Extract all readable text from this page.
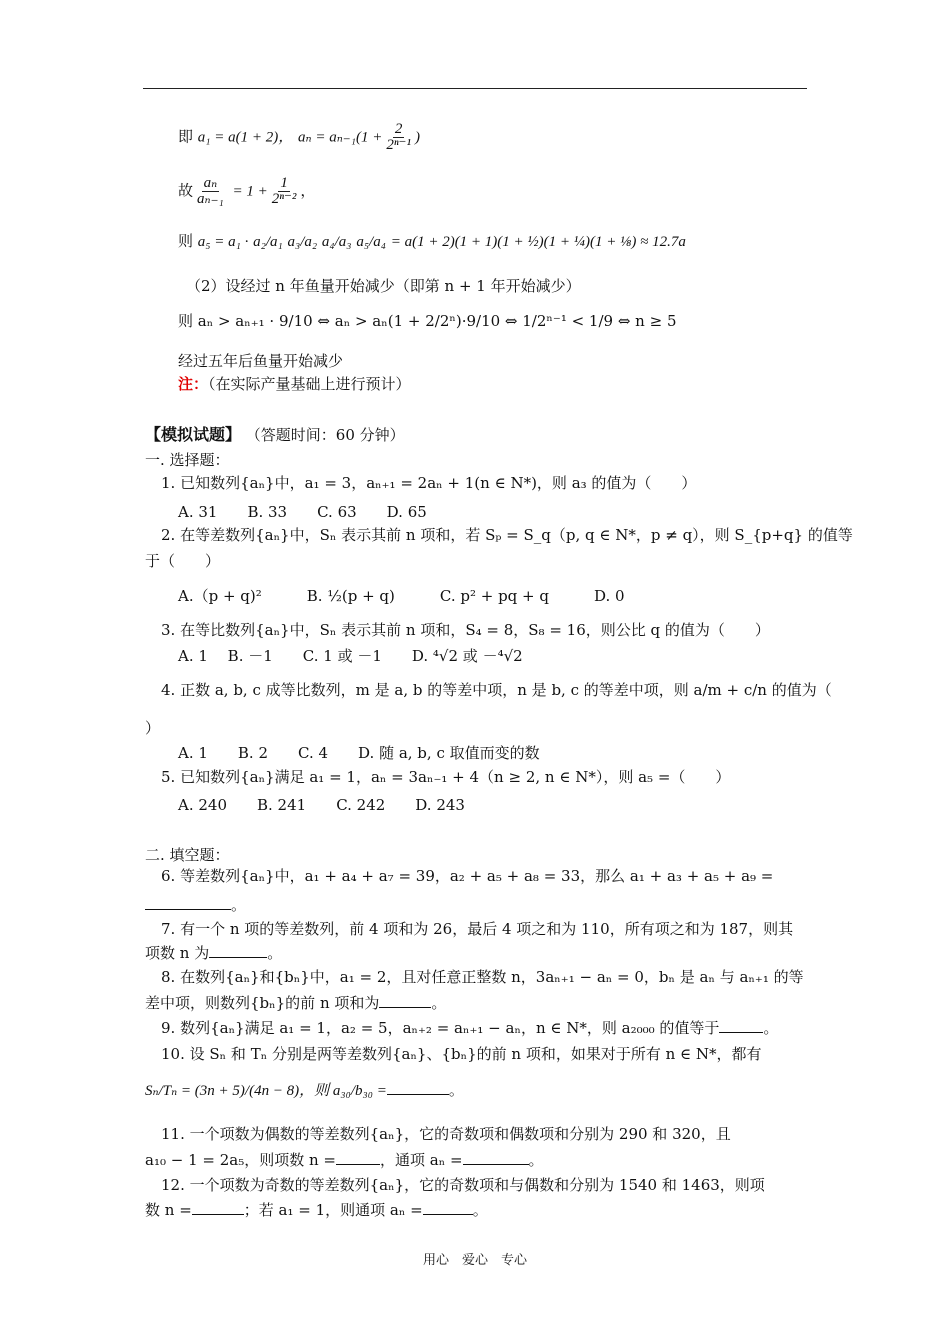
即 a₁ = a(1 + 2)， $a_n = a_{n-1}(1 + \frac{2}{\text{2ⁿ⁻¹}}$ )
故 $\frac{\text{aₙ}}{\text{aₙ₋₁}} = 1 + \frac{1}{\text{2ⁿ⁻²}}$ ，
则 a₅ = a₁ · a₂/a₁ a₃/a₂ a₄/a₃ a₅/a₄ = a(1 + 2)(1 + 1)(1 + ½)(1 + ¼)(1 + ⅛) ≈ 12.7a
（2）设经过 n 年鱼量开始减少（即第 n + 1 年开始减少）
则 aₙ > aₙ₊₁ · 9/10 ⇔ aₙ > aₙ(1 + 2/2ⁿ)·9/10 ⇔ 1/2ⁿ⁻¹ < 1/9 ⇔ n ≥ 5
经过五年后鱼量开始减少
注：（在实际产量基础上进行预计）
【模拟试题】 （答题时间：60 分钟）
一. 选择题：
1. 已知数列{aₙ}中，a₁ = 3，aₙ₊₁ = 2aₙ + 1(n ∈ N*)，则 a₃ 的值为（　　）
A. 31　　B. 33　　C. 63　　D. 65
2. 在等差数列{aₙ}中，Sₙ 表示其前 n 项和，若 Sₚ = S_q（p, q ∈ N*，p ≠ q），则 S_{p+q} 的值等
于（　　）
A.（p + q)²　　　B. ½(p + q)　　　C. p² + pq + q　　　D. 0
3. 在等比数列{aₙ}中，Sₙ 表示其前 n 项和，S₄ = 8，S₈ = 16，则公比 q 的值为（　　）
A. 1　 B. －1　　C. 1 或 －1　　D. ⁴√2 或 －⁴√2
4. 正数 a, b, c 成等比数列，m 是 a, b 的等差中项，n 是 b, c 的等差中项，则 a/m + c/n 的值为（
）
A. 1　　B. 2　　C. 4　　D. 随 a, b, c 取值而变的数
5. 已知数列{aₙ}满足 a₁ = 1，aₙ = 3aₙ₋₁ + 4（n ≥ 2, n ∈ N*），则 a₅ =（　　）
A. 240　　B. 241　　C. 242　　D. 243
二. 填空题：
6. 等差数列{aₙ}中，a₁ + a₄ + a₇ = 39，a₂ + a₅ + a₈ = 33，那么 a₁ + a₃ + a₅ + a₉ =
。
7. 有一个 n 项的等差数列，前 4 项和为 26，最后 4 项之和为 110，所有项之和为 187，则其
项数 n 为	。
8. 在数列{aₙ}和{bₙ}中，a₁ = 2，且对任意正整数 n，3aₙ₊₁ − aₙ = 0，bₙ 是 aₙ 与 aₙ₊₁ 的等
差中项，则数列{bₙ}的前 n 项和为	。
9. 数列{aₙ}满足 a₁ = 1，a₂ = 5，aₙ₊₂ = aₙ₊₁ − aₙ，n ∈ N*，则 a₂₀₀₀ 的值等于	。
10. 设 Sₙ 和 Tₙ 分别是两等差数列{aₙ}、{bₙ}的前 n 项和，如果对于所有 n ∈ N*，都有
Sₙ/Tₙ = (3n + 5)/(4n − 8)，则 a₃₀/b₃₀ =	。
11. 一个项数为偶数的等差数列{aₙ}，它的奇数项和偶数项和分别为 290 和 320，且
a₁₀ − 1 = 2a₅，则项数 n =	，通项 aₙ =	。
12. 一个项数为奇数的等差数列{aₙ}，它的奇数项和与偶数和分别为 1540 和 1463，则项
数 n =	；若 a₁ = 1，则通项 aₙ =	。
用心　爱心　专心
